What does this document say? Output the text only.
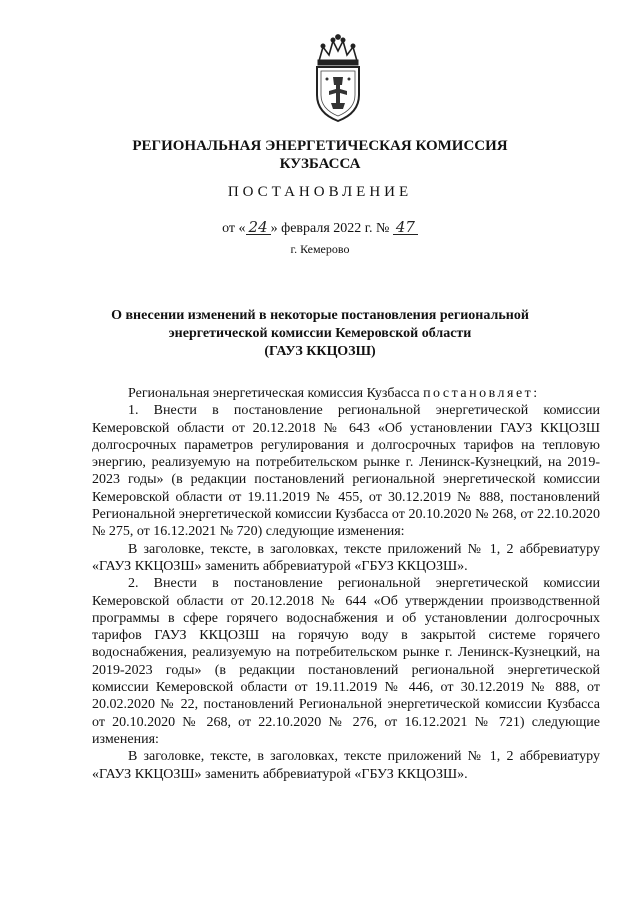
РЕГИОНАЛЬНАЯ ЭНЕРГЕТИЧЕСКАЯ КОМИССИЯ
КУЗБАССА
ПОСТАНОВЛЕНИЕ
от « 24 » февраля 2022 г. № 47
г. Кемерово
О внесении изменений в некоторые постановления региональной
энергетической комиссии Кемеровской области
(ГАУЗ ККЦОЗШ)

Региональная энергетическая комиссия Кузбасса постановляет:

1. Внести в постановление региональной энергетической комиссии Кемеровской области от 20.12.2018 № 643 «Об установлении ГАУЗ ККЦОЗШ долгосрочных параметров регулирования и долгосрочных тарифов на тепловую энергию, реализуемую на потребительском рынке г. Ленинск-Кузнецкий, на 2019-2023 годы» (в редакции постановлений региональной энергетической комиссии Кемеровской области от 19.11.2019 № 455, от 30.12.2019 № 888, постановлений Региональной энергетической комиссии Кузбасса от 20.10.2020 № 268, от 22.10.2020 № 275, от 16.12.2021 № 720) следующие изменения:

В заголовке, тексте, в заголовках, тексте приложений № 1, 2 аббревиатуру «ГАУЗ ККЦОЗШ» заменить аббревиатурой «ГБУЗ ККЦОЗШ».

2. Внести в постановление региональной энергетической комиссии Кемеровской области от 20.12.2018 № 644 «Об утверждении производственной программы в сфере горячего водоснабжения и об установлении долгосрочных тарифов ГАУЗ ККЦОЗШ на горячую воду в закрытой системе горячего водоснабжения, реализуемую на потребительском рынке г. Ленинск-Кузнецкий, на 2019-2023 годы» (в редакции постановлений региональной энергетической комиссии Кемеровской области от 19.11.2019 № 446, от 30.12.2019 № 888, от 20.02.2020 № 22, постановлений Региональной энергетической комиссии Кузбасса от 20.10.2020 № 268, от 22.10.2020 № 276, от 16.12.2021 № 721) следующие изменения:

В заголовке, тексте, в заголовках, тексте приложений № 1, 2 аббревиатуру «ГАУЗ ККЦОЗШ» заменить аббревиатурой «ГБУЗ ККЦОЗШ».
